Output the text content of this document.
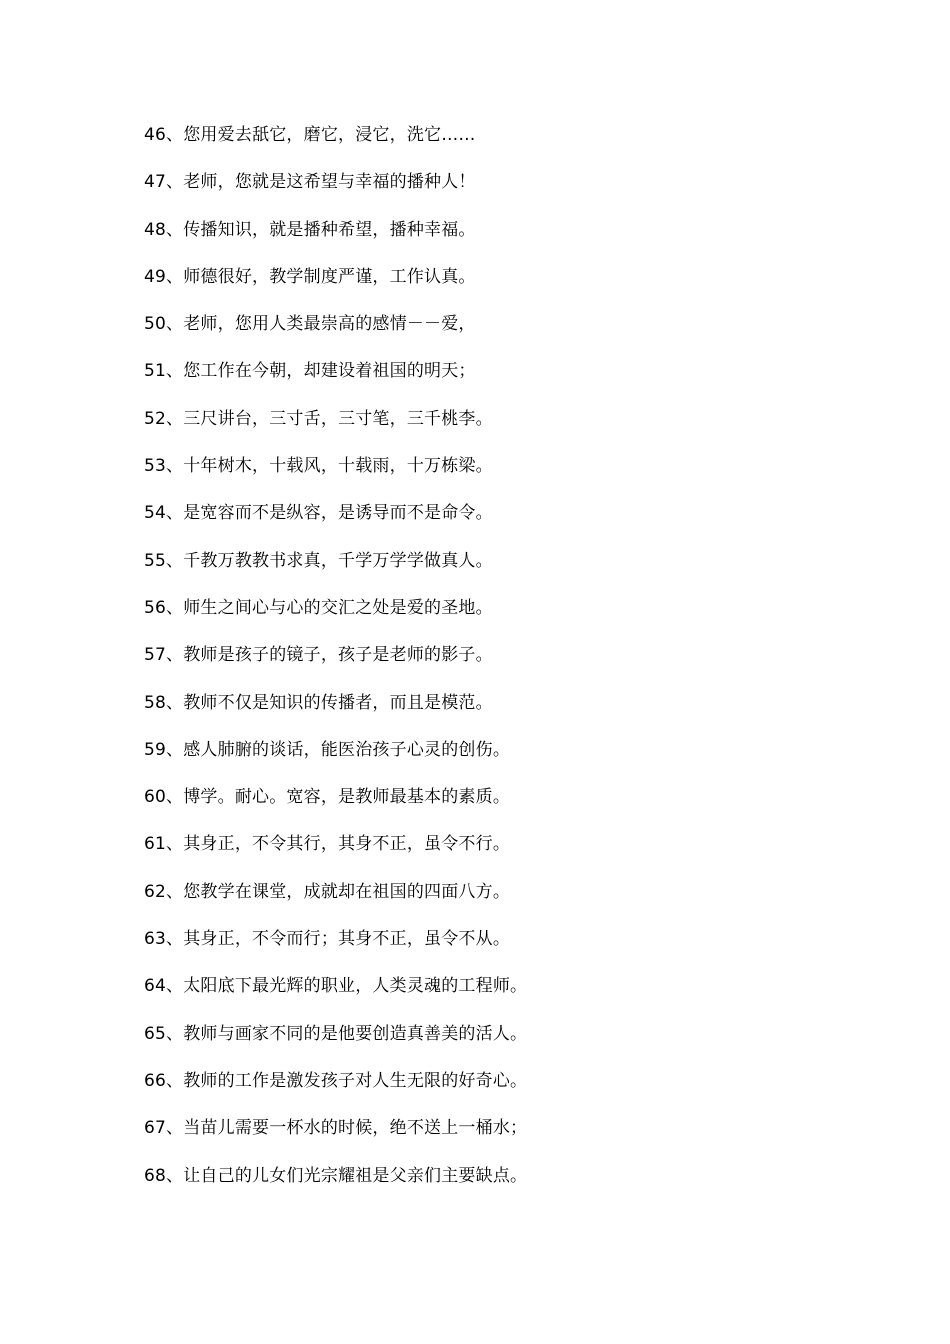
46、您用爱去舐它，磨它，浸它，洗它……
47、老师，您就是这希望与幸福的播种人！
48、传播知识，就是播种希望，播种幸福。
49、师德很好，教学制度严谨，工作认真。
50、老师，您用人类最崇高的感情－－爱，
51、您工作在今朝，却建设着祖国的明天；
52、三尺讲台，三寸舌，三寸笔，三千桃李。
53、十年树木，十载风，十载雨，十万栋梁。
54、是宽容而不是纵容，是诱导而不是命令。
55、千教万教教书求真，千学万学学做真人。
56、师生之间心与心的交汇之处是爱的圣地。
57、教师是孩子的镜子，孩子是老师的影子。
58、教师不仅是知识的传播者，而且是模范。
59、感人肺腑的谈话，能医治孩子心灵的创伤。
60、博学。耐心。宽容，是教师最基本的素质。
61、其身正，不令其行，其身不正，虽令不行。
62、您教学在课堂，成就却在祖国的四面八方。
63、其身正，不令而行；其身不正，虽令不从。
64、太阳底下最光辉的职业，人类灵魂的工程师。
65、教师与画家不同的是他要创造真善美的活人。
66、教师的工作是激发孩子对人生无限的好奇心。
67、当苗儿需要一杯水的时候，绝不送上一桶水；
68、让自己的儿女们光宗耀祖是父亲们主要缺点。
